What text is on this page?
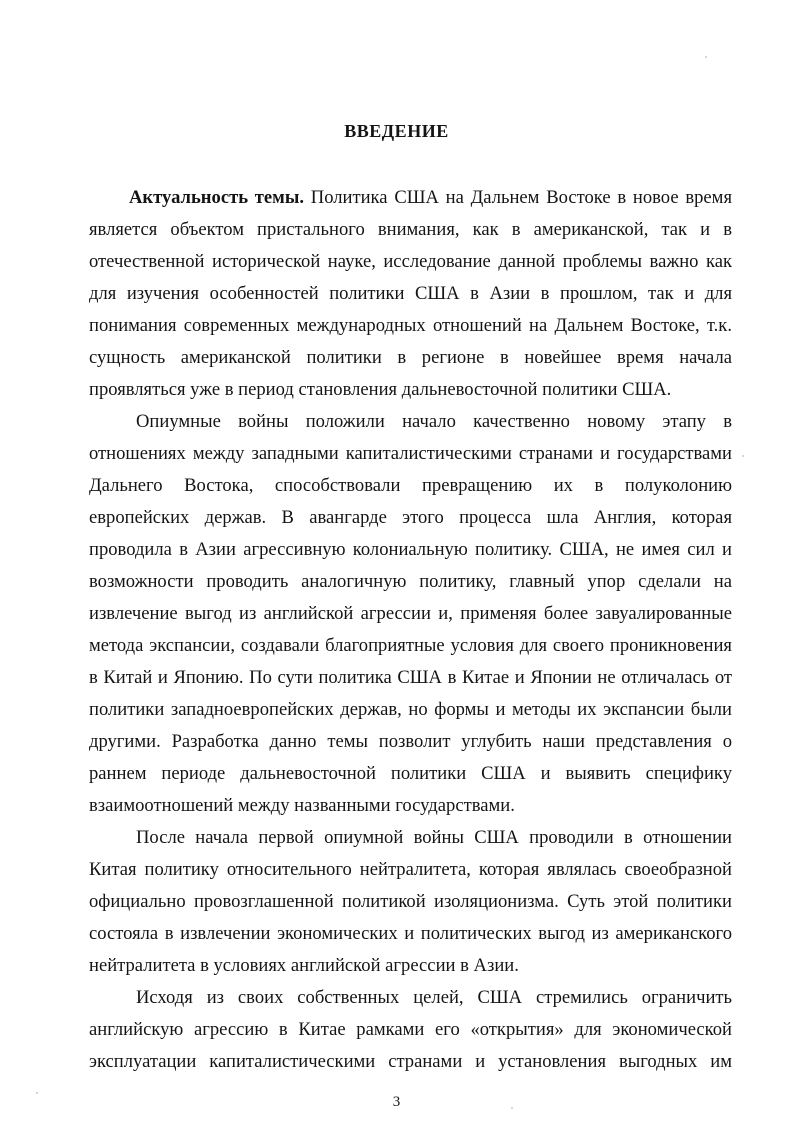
ВВЕДЕНИЕ

Актуальность темы. Политика США на Дальнем Востоке в новое время
является объектом пристального внимания, как в американской, так и в
отечественной исторической науке, исследование данной проблемы важно как
для изучения особенностей политики США в Азии в прошлом, так и для
понимания современных международных отношений на Дальнем Востоке, т.к.
сущность американской политики в регионе в новейшее время начала
проявляться уже в период становления дальневосточной политики США.

Опиумные войны положили начало качественно новому этапу в
отношениях между западными капиталистическими странами и государствами
Дальнего Востока, способствовали превращению их в полуколонию
европейских держав. В авангарде этого процесса шла Англия, которая
проводила в Азии агрессивную колониальную политику. США, не имея сил и
возможности проводить аналогичную политику, главный упор сделали на
извлечение выгод из английской агрессии и, применяя более завуалированные
метода экспансии, создавали благоприятные условия для своего проникновения
в Китай и Японию. По сути политика США в Китае и Японии не отличалась от
политики западноевропейских держав, но формы и методы их экспансии были
другими. Разработка данно темы позволит углубить наши представления о
раннем периоде дальневосточной политики США и выявить специфику
взаимоотношений между названными государствами.

После начала первой опиумной войны США проводили в отношении
Китая политику относительного нейтралитета, которая являлась своеобразной
официально провозглашенной политикой изоляционизма. Суть этой политики
состояла в извлечении экономических и политических выгод из американского
нейтралитета в условиях английской агрессии в Азии.

Исходя из своих собственных целей, США стремились ограничить
английскую агрессию в Китае рамками его «открытия» для экономической
эксплуатации капиталистическими странами и установления выгодных им

3
